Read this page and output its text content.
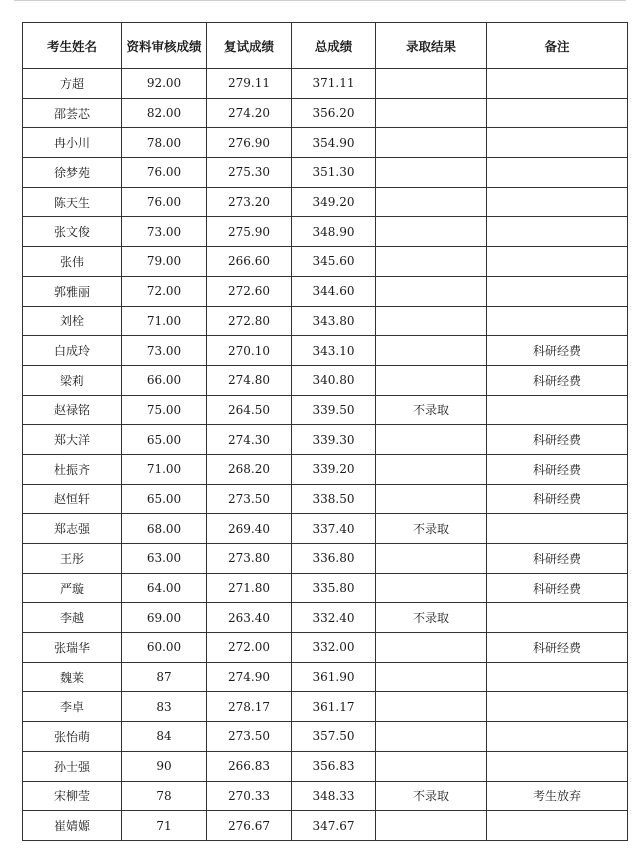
考生姓名	资料审核成绩	复试成绩	总成绩	录取结果	备注
方超	92.00	279.11	371.11		
邵荟芯	82.00	274.20	356.20		
冉小川	78.00	276.90	354.90		
徐梦苑	76.00	275.30	351.30		
陈天生	76.00	273.20	349.20		
张文俊	73.00	275.90	348.90		
张伟	79.00	266.60	345.60		
郭雅丽	72.00	272.60	344.60		
刘栓	71.00	272.80	343.80		
白成玲	73.00	270.10	343.10		科研经费
梁莉	66.00	274.80	340.80		科研经费
赵禄铭	75.00	264.50	339.50	不录取	
郑大洋	65.00	274.30	339.30		科研经费
杜振齐	71.00	268.20	339.20		科研经费
赵恒轩	65.00	273.50	338.50		科研经费
郑志强	68.00	269.40	337.40	不录取	
王彤	63.00	273.80	336.80		科研经费
严璇	64.00	271.80	335.80		科研经费
李越	69.00	263.40	332.40	不录取	
张瑞华	60.00	272.00	332.00		科研经费
魏莱	87	274.90	361.90		
李卓	83	278.17	361.17		
张怡萌	84	273.50	357.50		
孙士强	90	266.83	356.83		
宋柳莹	78	270.33	348.33	不录取	考生放弃
崔婧嫄	71	276.67	347.67		
